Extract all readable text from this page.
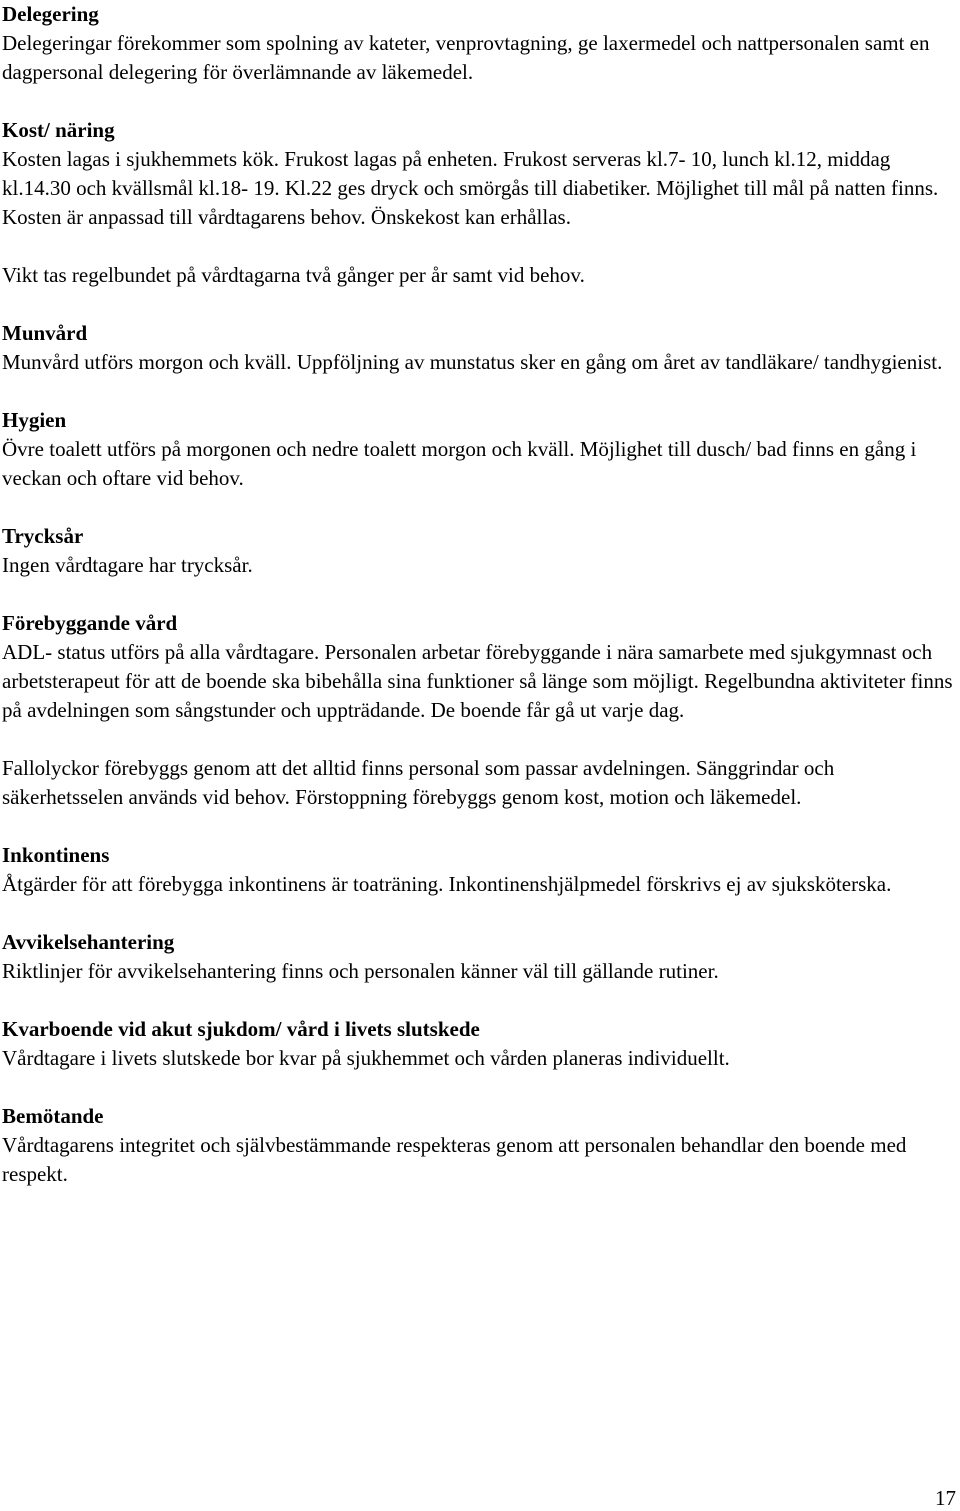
Delegering

Delegeringar förekommer som spolning av kateter, venprovtagning, ge laxermedel och nattpersonalen samt en dagpersonal delegering för överlämnande av läkemedel.

Kost/ näring

Kosten lagas i sjukhemmets kök. Frukost lagas på enheten. Frukost serveras kl.7- 10, lunch kl.12, middag kl.14.30 och kvällsmål kl.18- 19. Kl.22 ges dryck och smörgås till diabetiker. Möjlighet till mål på natten finns. Kosten är anpassad till vårdtagarens behov. Önskekost kan erhållas.

Vikt tas regelbundet på vårdtagarna två gånger per år samt vid behov.

Munvård

Munvård utförs morgon och kväll. Uppföljning av munstatus sker en gång om året av tandläkare/ tandhygienist.

Hygien

Övre toalett utförs på morgonen och nedre toalett morgon och kväll. Möjlighet till dusch/ bad finns en gång i veckan och oftare vid behov.

Trycksår

Ingen vårdtagare har trycksår.

Förebyggande vård

ADL- status utförs på alla vårdtagare. Personalen arbetar förebyggande i nära samarbete med sjukgymnast och arbetsterapeut för att de boende ska bibehålla sina funktioner så länge som möjligt. Regelbundna aktiviteter finns på avdelningen som sångstunder och uppträdande. De boende får gå ut varje dag.

Fallolyckor förebyggs genom att det alltid finns personal som passar avdelningen. Sänggrindar och säkerhetsselen används vid behov. Förstoppning förebyggs genom kost, motion och läkemedel.

Inkontinens

Åtgärder för att förebygga inkontinens är toaträning. Inkontinenshjälpmedel förskrivs ej av sjuksköterska.

Avvikelsehantering

Riktlinjer för avvikelsehantering finns och personalen känner väl till gällande rutiner.

Kvarboende vid akut sjukdom/ vård i livets slutskede

Vårdtagare i livets slutskede bor kvar på sjukhemmet och vården planeras individuellt.

Bemötande

Vårdtagarens integritet och självbestämmande respekteras genom att personalen behandlar den boende med respekt.

17
